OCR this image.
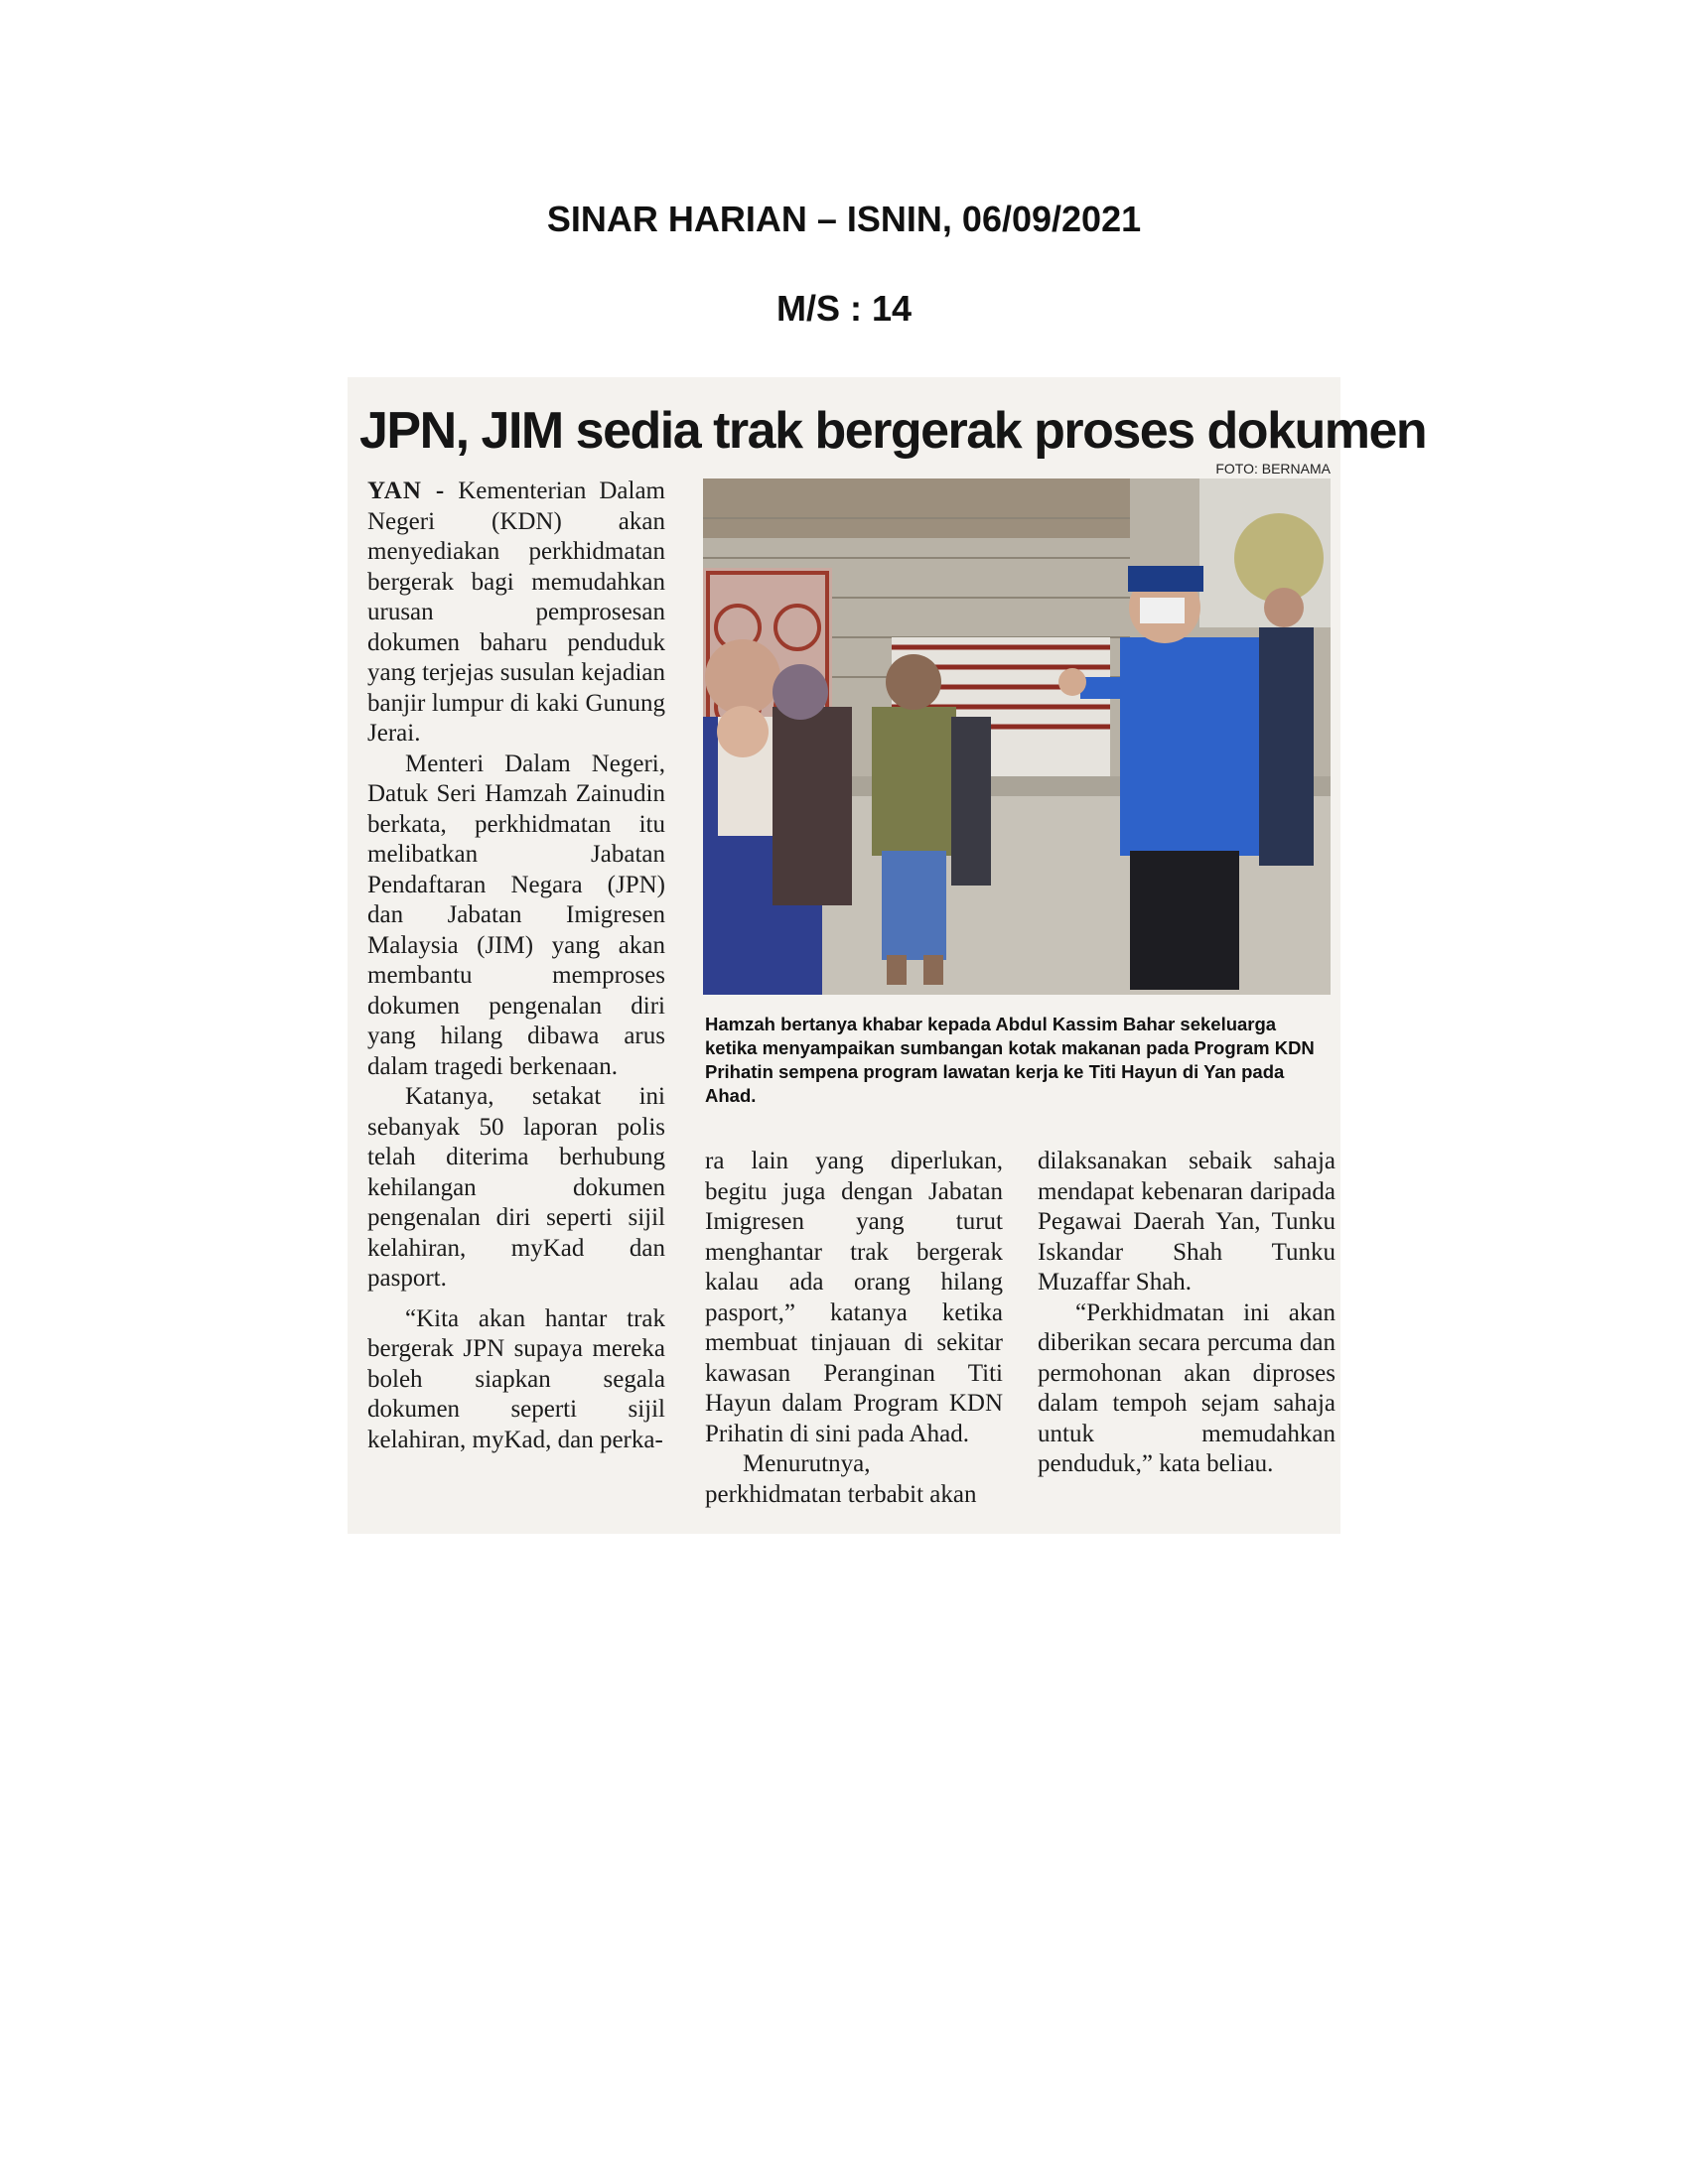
SINAR HARIAN – ISNIN, 06/09/2021
M/S : 14
JPN, JIM sedia trak bergerak proses dokumen
FOTO: BERNAMA

YAN - Kementerian Dalam Negeri (KDN) akan menyediakan perkhidmatan bergerak bagi memudahkan urusan pemprosesan dokumen baharu penduduk yang terjejas susulan kejadian banjir lumpur di kaki Gunung Jerai.

Menteri Dalam Negeri, Datuk Seri Hamzah Zainudin berkata, perkhidmatan itu melibatkan Jabatan Pendaftaran Negara (JPN) dan Jabatan Imigresen Malaysia (JIM) yang akan membantu memproses dokumen pengenalan diri yang hilang dibawa arus dalam tragedi berkenaan.

Katanya, setakat ini sebanyak 50 laporan polis telah diterima berhubung kehilangan dokumen pengenalan diri seperti sijil kelahiran, myKad dan pasport.

“Kita akan hantar trak bergerak JPN supaya mereka boleh siapkan segala dokumen seperti sijil kelahiran, myKad, dan perka-

Hamzah bertanya khabar kepada Abdul Kassim Bahar sekeluarga ketika menyampaikan sumbangan kotak makanan pada Program KDN Prihatin sempena program lawatan kerja ke Titi Hayun di Yan pada Ahad.

ra lain yang diperlukan, begitu juga dengan Jabatan Imigresen yang turut menghantar trak bergerak kalau ada orang hilang pasport,” katanya ketika membuat tinjauan di sekitar kawasan Peranginan Titi Hayun dalam Program KDN Prihatin di sini pada Ahad.

Menurutnya, perkhidmatan terbabit akan

dilaksanakan sebaik sahaja mendapat kebenaran daripada Pegawai Daerah Yan, Tunku Iskandar Shah Tunku Muzaffar Shah.

“Perkhidmatan ini akan diberikan secara percuma dan permohonan akan diproses dalam tempoh sejam sahaja untuk memudahkan penduduk,” kata beliau.
